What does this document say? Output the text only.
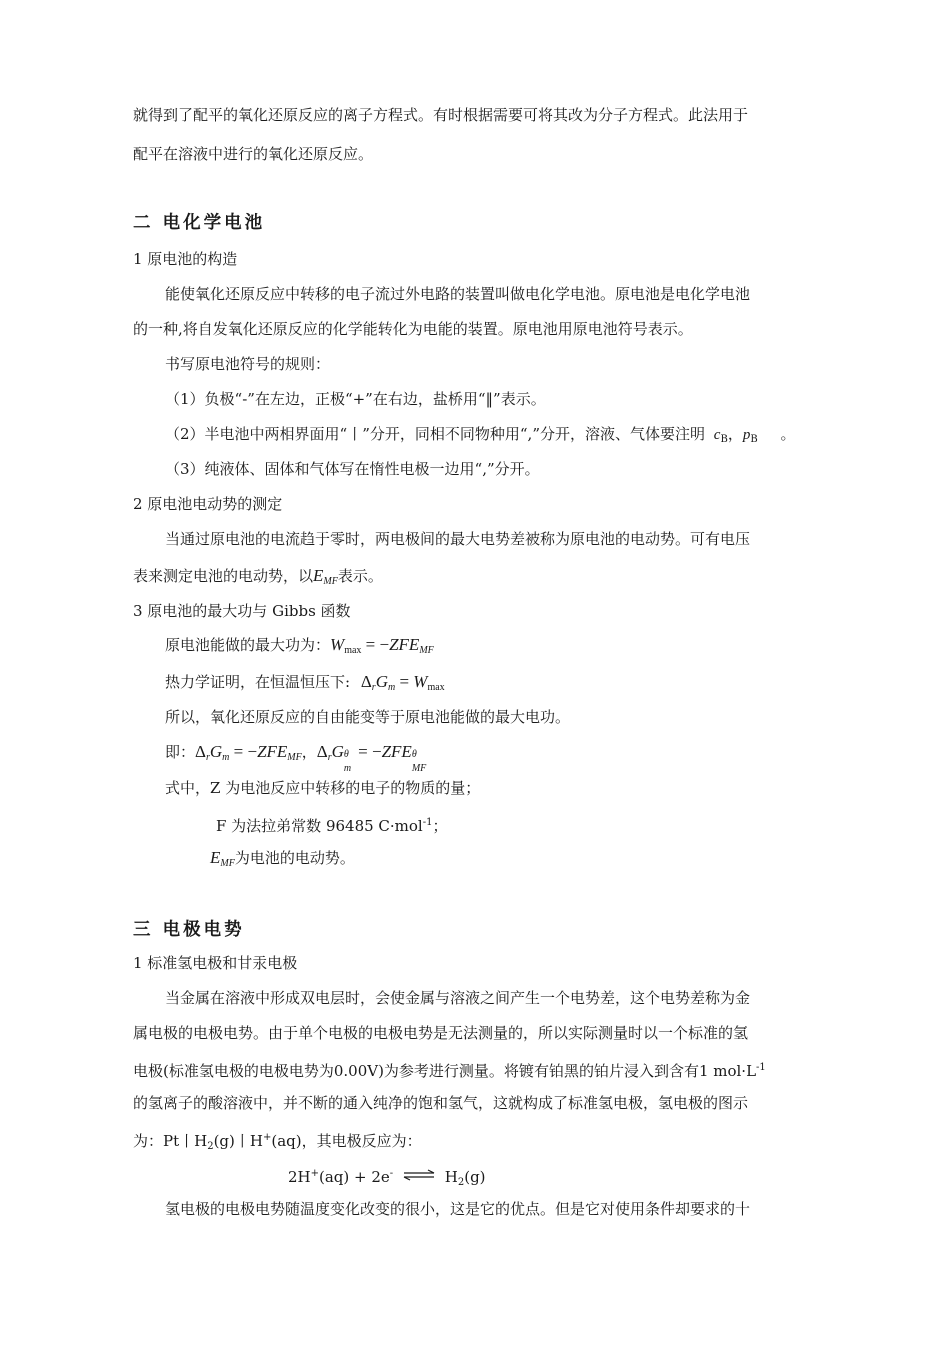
就得到了配平的氧化还原反应的离子方程式。有时根据需要可将其改为分子方程式。此法用于
配平在溶液中进行的氧化还原反应。
二 电化学电池
1 原电池的构造
能使氧化还原反应中转移的电子流过外电路的装置叫做电化学电池。原电池是电化学电池
的一种,将自发氧化还原反应的化学能转化为电能的装置。原电池用原电池符号表示。
书写原电池符号的规则：
（1）负极“-”在左边，正极“+”在右边，盐桥用“‖”表示。
（2）半电池中两相界面用“丨”分开，同相不同物种用“,”分开，溶液、气体要注明 $c_B$，$p_B$ 。
（3）纯液体、固体和气体写在惰性电极一边用“,”分开。
2 原电池电动势的测定
当通过原电池的电流趋于零时，两电极间的最大电势差被称为原电池的电动势。可有电压
表来测定电池的电动势，以$E_{MF}$表示。
3 原电池的最大功与 Gibbs 函数
原电池能做的最大功为：$Wmax = -ZFE_{MF}$
热力学证明，在恒温恒压下: $\Delta_rG_m = Wmax$
所以，氧化还原反应的自由能变等于原电池能做的最大电功。
即：$\Delta_rG_m = -ZFE_{MF}$，$\Delta_rG$ θ
m
= −ZFE θ
MF
式中，Z 为电池反应中转移的电子的物质的量；
F 为法拉弟常数 96485 C·mol$^{-1}$；
$E_{MF}$为电池的电动势。
三 电极电势
1 标准氢电极和甘汞电极
当金属在溶液中形成双电层时，会使金属与溶液之间产生一个电势差，这个电势差称为金
属电极的电极电势。由于单个电极的电极电势是无法测量的，所以实际测量时以一个标准的氢
电极(标准氢电极的电极电势为0.00V)为参考进行测量。将镀有铂黑的铂片浸入到含有1 $mol\cdot L^{-1}$
的氢离子的酸溶液中，并不断的通入纯净的饱和氢气，这就构成了标准氢电极，氢电极的图示
为：Pt丨$H_2(g)$丨H+(aq)，其电极反应为：
2H+(aq) + 2e- ⇌ $H_2(g)$
氢电极的电极电势随温度变化改变的很小，这是它的优点。但是它对使用条件却要求的十
